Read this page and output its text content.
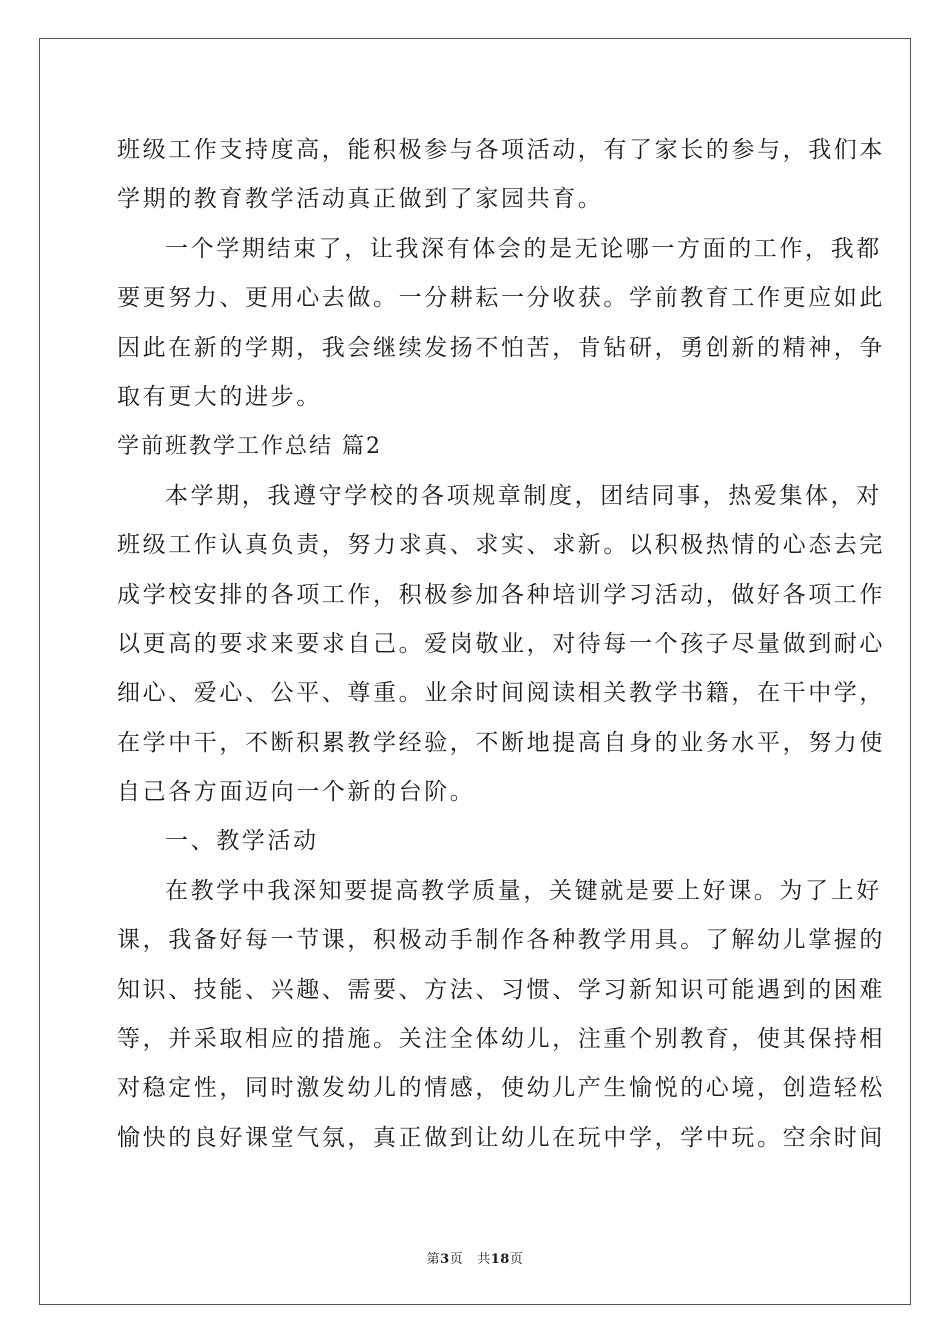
班级工作支持度高，能积极参与各项活动，有了家长的参与，我们本
学期的教育教学活动真正做到了家园共育。
一个学期结束了，让我深有体会的是无论哪一方面的工作，我都
要更努力、更用心去做。一分耕耘一分收获。学前教育工作更应如此
因此在新的学期，我会继续发扬不怕苦，肯钻研，勇创新的精神，争
取有更大的进步。
学前班教学工作总结 篇2
本学期，我遵守学校的各项规章制度，团结同事，热爱集体，对
班级工作认真负责，努力求真、求实、求新。以积极热情的心态去完
成学校安排的各项工作，积极参加各种培训学习活动，做好各项工作
以更高的要求来要求自己。爱岗敬业，对待每一个孩子尽量做到耐心
细心、爱心、公平、尊重。业余时间阅读相关教学书籍，在干中学，
在学中干，不断积累教学经验，不断地提高自身的业务水平，努力使
自己各方面迈向一个新的台阶。
一、教学活动
在教学中我深知要提高教学质量，关键就是要上好课。为了上好
课，我备好每一节课，积极动手制作各种教学用具。了解幼儿掌握的
知识、技能、兴趣、需要、方法、习惯、学习新知识可能遇到的困难
等，并采取相应的措施。关注全体幼儿，注重个别教育，使其保持相
对稳定性，同时激发幼儿的情感，使幼儿产生愉悦的心境，创造轻松
愉快的良好课堂气氛，真正做到让幼儿在玩中学，学中玩。空余时间
第3页 共18页
